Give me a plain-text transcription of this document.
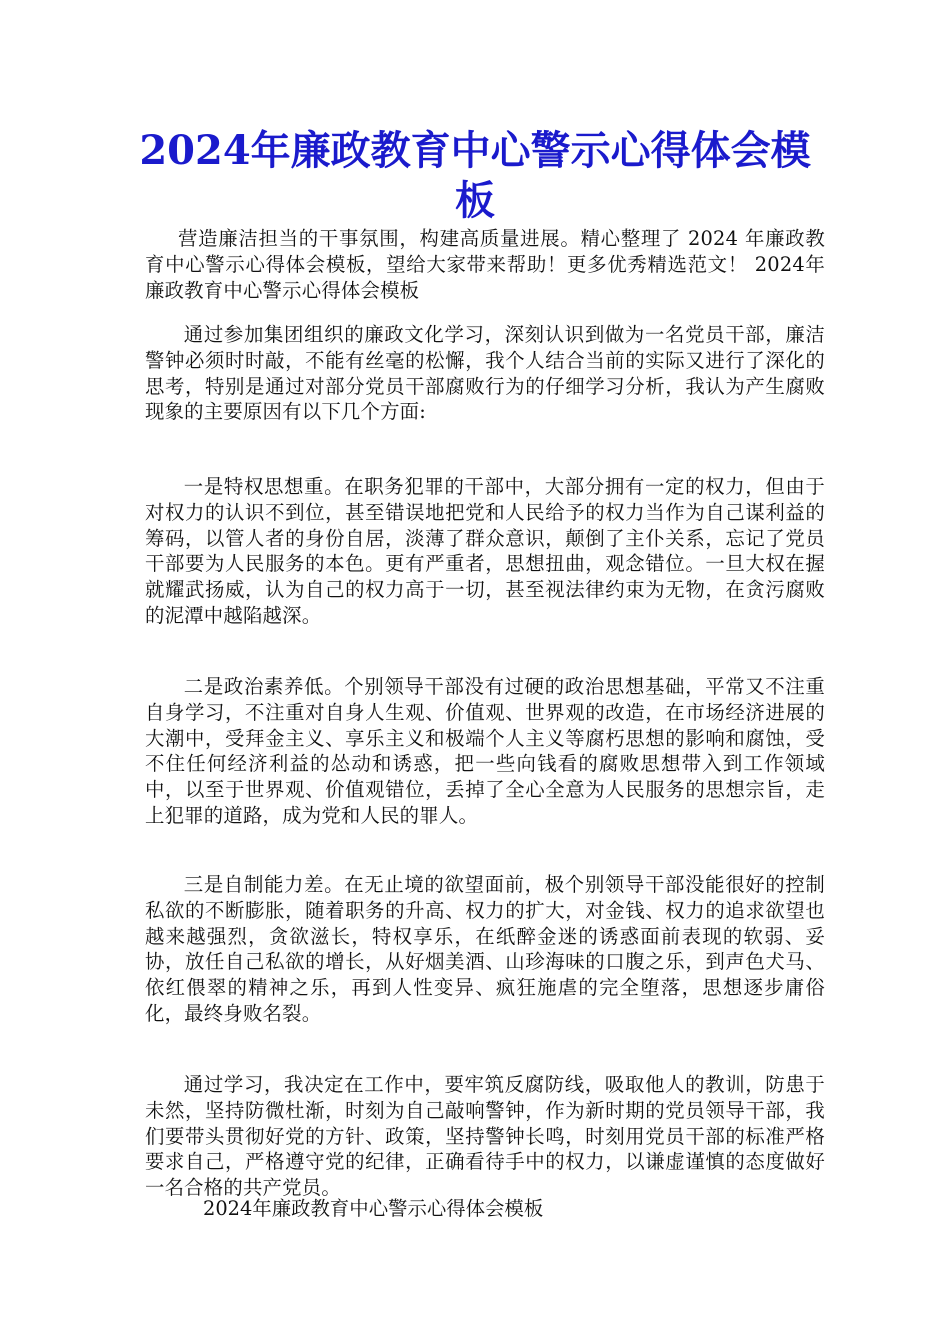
2024年廉政教育中心警示心得体会模板

营造廉洁担当的干事氛围，构建高质量进展。精心整理了 2024 年廉政教育中心警示心得体会模板，望给大家带来帮助！更多优秀精选范文！ 2024年廉政教育中心警示心得体会模板

通过参加集团组织的廉政文化学习，深刻认识到做为一名党员干部，廉洁警钟必须时时敲，不能有丝毫的松懈，我个人结合当前的实际又进行了深化的思考，特别是通过对部分党员干部腐败行为的仔细学习分析，我认为产生腐败现象的主要原因有以下几个方面:

一是特权思想重。在职务犯罪的干部中，大部分拥有一定的权力，但由于对权力的认识不到位，甚至错误地把党和人民给予的权力当作为自己谋利益的筹码，以管人者的身份自居，淡薄了群众意识，颠倒了主仆关系，忘记了党员干部要为人民服务的本色。更有严重者，思想扭曲，观念错位。一旦大权在握就耀武扬威，认为自己的权力高于一切，甚至视法律约束为无物，在贪污腐败的泥潭中越陷越深。

二是政治素养低。个别领导干部没有过硬的政治思想基础，平常又不注重自身学习，不注重对自身人生观、价值观、世界观的改造，在市场经济进展的大潮中，受拜金主义、享乐主义和极端个人主义等腐朽思想的影响和腐蚀，受不住任何经济利益的怂动和诱惑，把一些向钱看的腐败思想带入到工作领域中，以至于世界观、价值观错位，丢掉了全心全意为人民服务的思想宗旨，走上犯罪的道路，成为党和人民的罪人。

三是自制能力差。在无止境的欲望面前，极个别领导干部没能很好的控制私欲的不断膨胀，随着职务的升高、权力的扩大，对金钱、权力的追求欲望也越来越强烈，贪欲滋长，特权享乐，在纸醉金迷的诱惑面前表现的软弱、妥协，放任自己私欲的增长，从好烟美酒、山珍海味的口腹之乐，到声色犬马、依红偎翠的精神之乐，再到人性变异、疯狂施虐的完全堕落，思想逐步庸俗化，最终身败名裂。

通过学习，我决定在工作中，要牢筑反腐防线，吸取他人的教训，防患于未然，坚持防微杜渐，时刻为自己敲响警钟，作为新时期的党员领导干部，我们要带头贯彻好党的方针、政策，坚持警钟长鸣，时刻用党员干部的标准严格要求自己，严格遵守党的纪律，正确看待手中的权力，以谦虚谨慎的态度做好一名合格的共产党员。

2024年廉政教育中心警示心得体会模板
